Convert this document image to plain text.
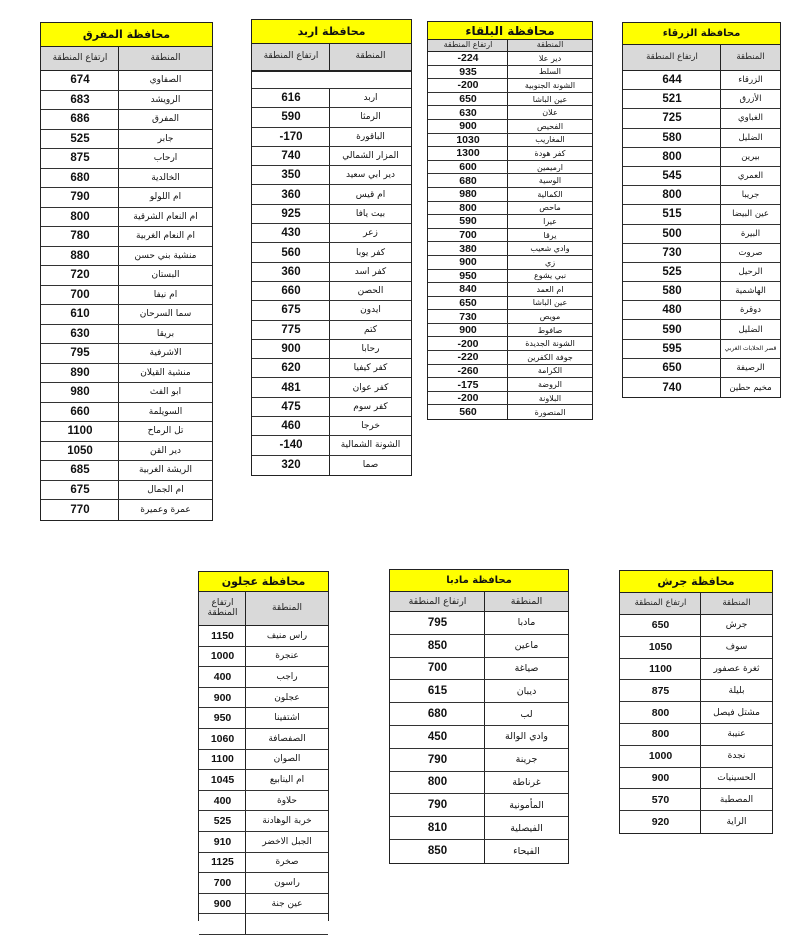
محافظة المفرق
المنطقة
ارتفاع المنطقة
الصفاوي
674
الرويشد
683
المفرق
686
جابر
525
ارحاب
875
الخالدية
680
ام اللولو
790
ام النعام الشرقية
800
ام النعام الغربية
780
منشية بني حسن
880
البستان
720
ام نيفا
700
سما السرحان
610
بريقا
630
الاشرفية
795
منشية القيلان
890
ابو الفث
980
السويلمة
660
تل الرماح
1100
دير القن
1050
الريشة الغربية
685
ام الجمال
675
عمرة وعميرة
770
محافظة اربد
المنطقة
ارتفاع المنطقة
اربد
616
الرمثا
590
الباقورة
-170
المزار الشمالي
740
دير ابي سعيد
350
ام قيس
360
بيت يافا
925
زعر
430
كفر يوبا
560
كفر اسد
360
الحصن
660
ايدون
675
كتم
775
رحابا
900
كفر كيفيا
620
كفر عوان
481
كفر سوم
475
خرجا
460
الشونة الشمالية
-140
صما
320
محافظة البلقاء
المنطقة
ارتفاع المنطقة
دير علا
-224
السلط
935
الشونة الجنوبية
-200
عين الباشا
650
علان
630
الفحيص
900
المغاريب
1030
كفر هودة
1300
ارميمين
600
الوسية
680
الكمالية
980
ماحص
800
عيرا
590
يرقا
700
وادي شعيب
380
زي
900
نبي يشوع
950
ام العمد
840
عين الباشا
650
مويص
730
صافوط
900
الشونة الجديدة
-200
جوفة الكفرين
-220
الكرامة
-260
الروضة
-175
البلاونة
-200
المنصورة
560
محافظة الزرقاء
المنطقة
ارتفاع المنطقة
الزرقاء
644
الأزرق
521
الغباوي
725
الضليل
580
بيرين
800
العمري
545
جريبا
800
عين البيضا
515
البيرة
500
صروت
730
الرحيل
525
الهاشمية
580
دوقرة
480
الضليل
590
قصر الحلابات الغربي
595
الرصيفة
650
مخيم حطين
740
محافظة عجلون
المنطقة
ارتفاع المنطقة
راس منيف
1150
عنجرة
1000
راجب
400
عجلون
900
اشتفينا
950
الصفصافة
1060
الصوان
1100
ام الينابيع
1045
حلاوة
400
خربة الوهادنة
525
الجبل الاخضر
910
صخرة
1125
راسون
700
عين جنة
900
محافظة مادبا
المنطقة
ارتفاع المنطقة
مادبا
795
ماعين
850
صياغة
700
ديبان
615
لب
680
وادي الوالة
450
جرينة
790
غرناطة
800
المأمونية
790
الفيصلية
810
الفيحاء
850
محافظة جرش
المنطقة
ارتفاع المنطقة
جرش
650
سوف
1050
ثغرة عصفور
1100
بليلة
875
مشتل فيصل
800
عنيبة
800
نجدة
1000
الحسينيات
900
المصطبة
570
الراية
920
